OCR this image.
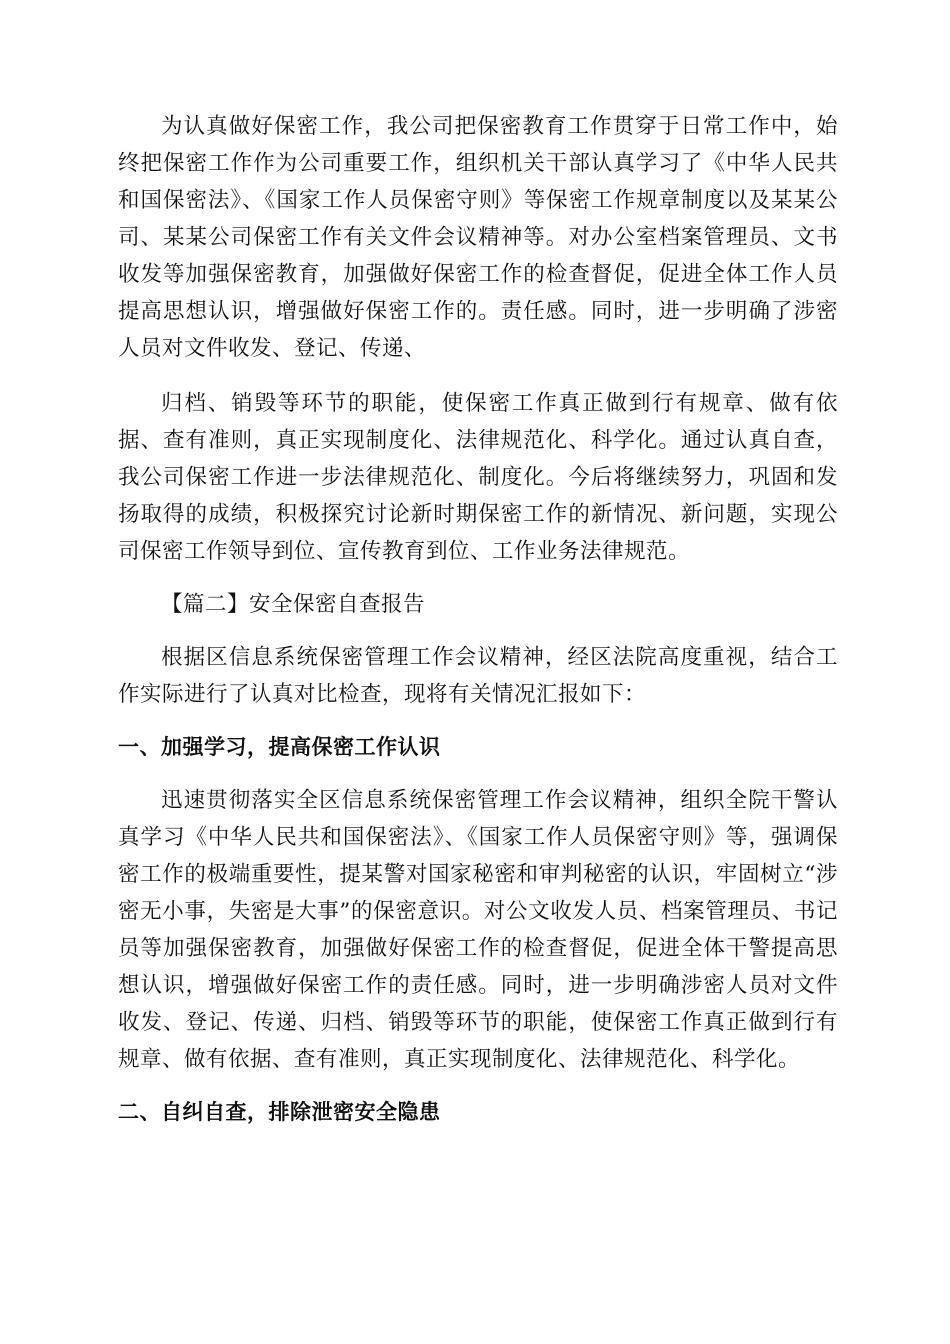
为认真做好保密工作，我公司把保密教育工作贯穿于日常工作中，始终把保密工作作为公司重要工作，组织机关干部认真学习了《中华人民共和国保密法》、《国家工作人员保密守则》等保密工作规章制度以及某某公司、某某公司保密工作有关文件会议精神等。对办公室档案管理员、文书收发等加强保密教育，加强做好保密工作的检查督促，促进全体工作人员提高思想认识，增强做好保密工作的。责任感。同时，进一步明确了涉密人员对文件收发、登记、传递、

归档、销毁等环节的职能，使保密工作真正做到行有规章、做有依据、查有准则，真正实现制度化、法律规范化、科学化。通过认真自查，我公司保密工作进一步法律规范化、制度化。今后将继续努力，巩固和发扬取得的成绩，积极探究讨论新时期保密工作的新情况、新问题，实现公司保密工作领导到位、宣传教育到位、工作业务法律规范。

【篇二】安全保密自查报告

根据区信息系统保密管理工作会议精神，经区法院高度重视，结合工作实际进行了认真对比检查，现将有关情况汇报如下：

一、加强学习，提高保密工作认识

迅速贯彻落实全区信息系统保密管理工作会议精神，组织全院干警认真学习《中华人民共和国保密法》、《国家工作人员保密守则》等，强调保密工作的极端重要性，提某警对国家秘密和审判秘密的认识，牢固树立“涉密无小事，失密是大事”的保密意识。对公文收发人员、档案管理员、书记员等加强保密教育，加强做好保密工作的检查督促，促进全体干警提高思想认识，增强做好保密工作的责任感。同时，进一步明确涉密人员对文件收发、登记、传递、归档、销毁等环节的职能，使保密工作真正做到行有规章、做有依据、查有准则，真正实现制度化、法律规范化、科学化。

二、自纠自查，排除泄密安全隐患
